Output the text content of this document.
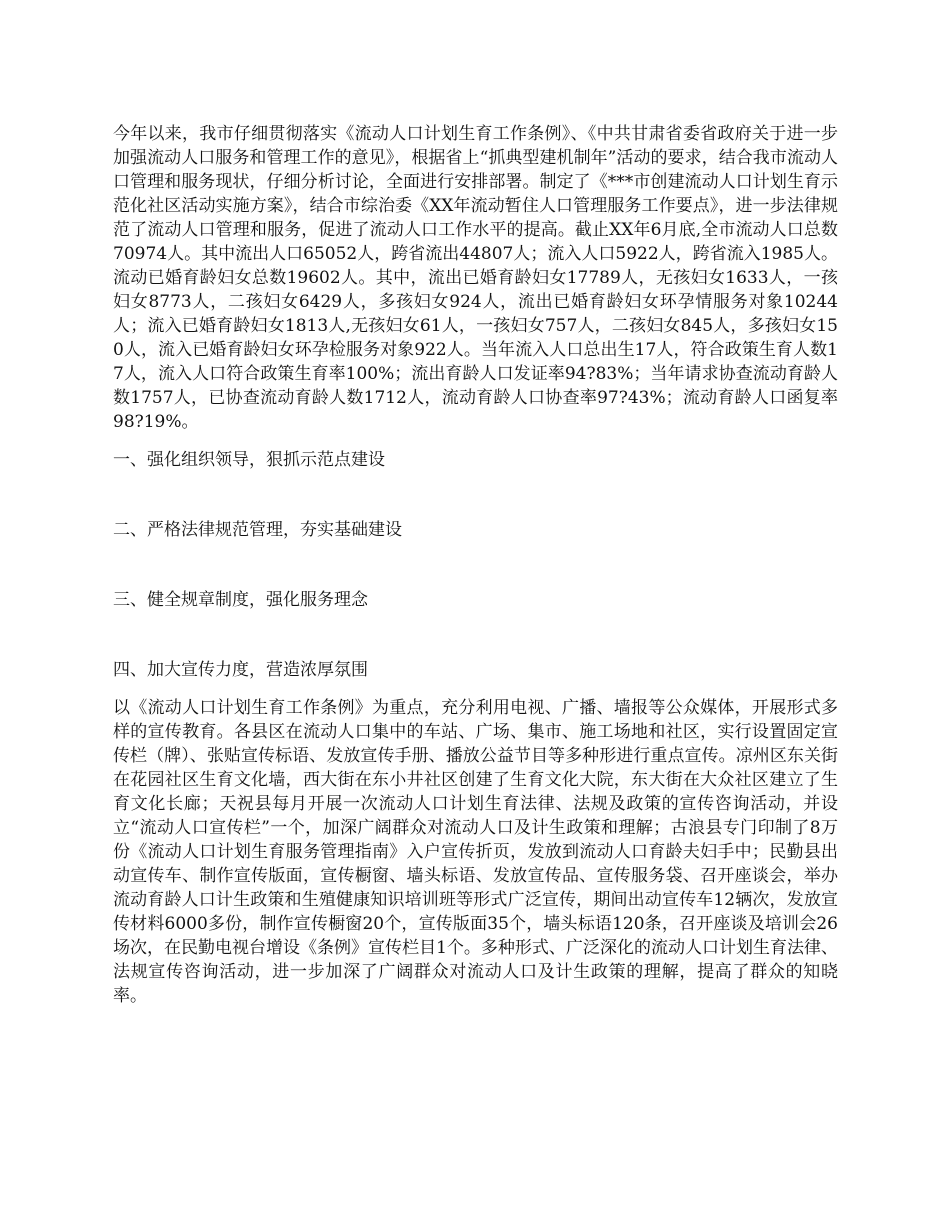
今年以来，我市仔细贯彻落实《流动人口计划生育工作条例》、《中共甘肃省委省政府关于进一步加强流动人口服务和管理工作的意见》，根据省上“抓典型建机制年”活动的要求，结合我市流动人口管理和服务现状，仔细分析讨论，全面进行安排部署。制定了《***市创建流动人口计划生育示范化社区活动实施方案》，结合市综治委《XX年流动暂住人口管理服务工作要点》，进一步法律规范了流动人口管理和服务，促进了流动人口工作水平的提高。截止XX年6月底,全市流动人口总数70974人。其中流出人口65052人，跨省流出44807人；流入人口5922人，跨省流入1985人。流动已婚育龄妇女总数19602人。其中，流出已婚育龄妇女17789人，无孩妇女1633人，一孩妇女8773人，二孩妇女6429人，多孩妇女924人，流出已婚育龄妇女环孕情服务对象10244人；流入已婚育龄妇女1813人,无孩妇女61人，一孩妇女757人，二孩妇女845人，多孩妇女150人，流入已婚育龄妇女环孕检服务对象922人。当年流入人口总出生17人，符合政策生育人数17人，流入人口符合政策生育率100%；流出育龄人口发证率94?83%；当年请求协查流动育龄人数1757人，已协查流动育龄人数1712人，流动育龄人口协查率97?43%；流动育龄人口函复率98?19%。

一、强化组织领导，狠抓示范点建设

二、严格法律规范管理，夯实基础建设

三、健全规章制度，强化服务理念

四、加大宣传力度，营造浓厚氛围

以《流动人口计划生育工作条例》为重点，充分利用电视、广播、墙报等公众媒体，开展形式多样的宣传教育。各县区在流动人口集中的车站、广场、集市、施工场地和社区，实行设置固定宣传栏（牌）、张贴宣传标语、发放宣传手册、播放公益节目等多种形进行重点宣传。凉州区东关街在花园社区生育文化墙，西大街在东小井社区创建了生育文化大院，东大街在大众社区建立了生育文化长廊；天祝县每月开展一次流动人口计划生育法律、法规及政策的宣传咨询活动，并设立“流动人口宣传栏”一个，加深广阔群众对流动人口及计生政策和理解；古浪县专门印制了8万份《流动人口计划生育服务管理指南》入户宣传折页，发放到流动人口育龄夫妇手中；民勤县出动宣传车、制作宣传版面，宣传橱窗、墙头标语、发放宣传品、宣传服务袋、召开座谈会，举办流动育龄人口计生政策和生殖健康知识培训班等形式广泛宣传，期间出动宣传车12辆次，发放宣传材料6000多份，制作宣传橱窗20个，宣传版面35个，墙头标语120条，召开座谈及培训会26场次，在民勤电视台增设《条例》宣传栏目1个。多种形式、广泛深化的流动人口计划生育法律、法规宣传咨询活动，进一步加深了广阔群众对流动人口及计生政策的理解，提高了群众的知晓率。
